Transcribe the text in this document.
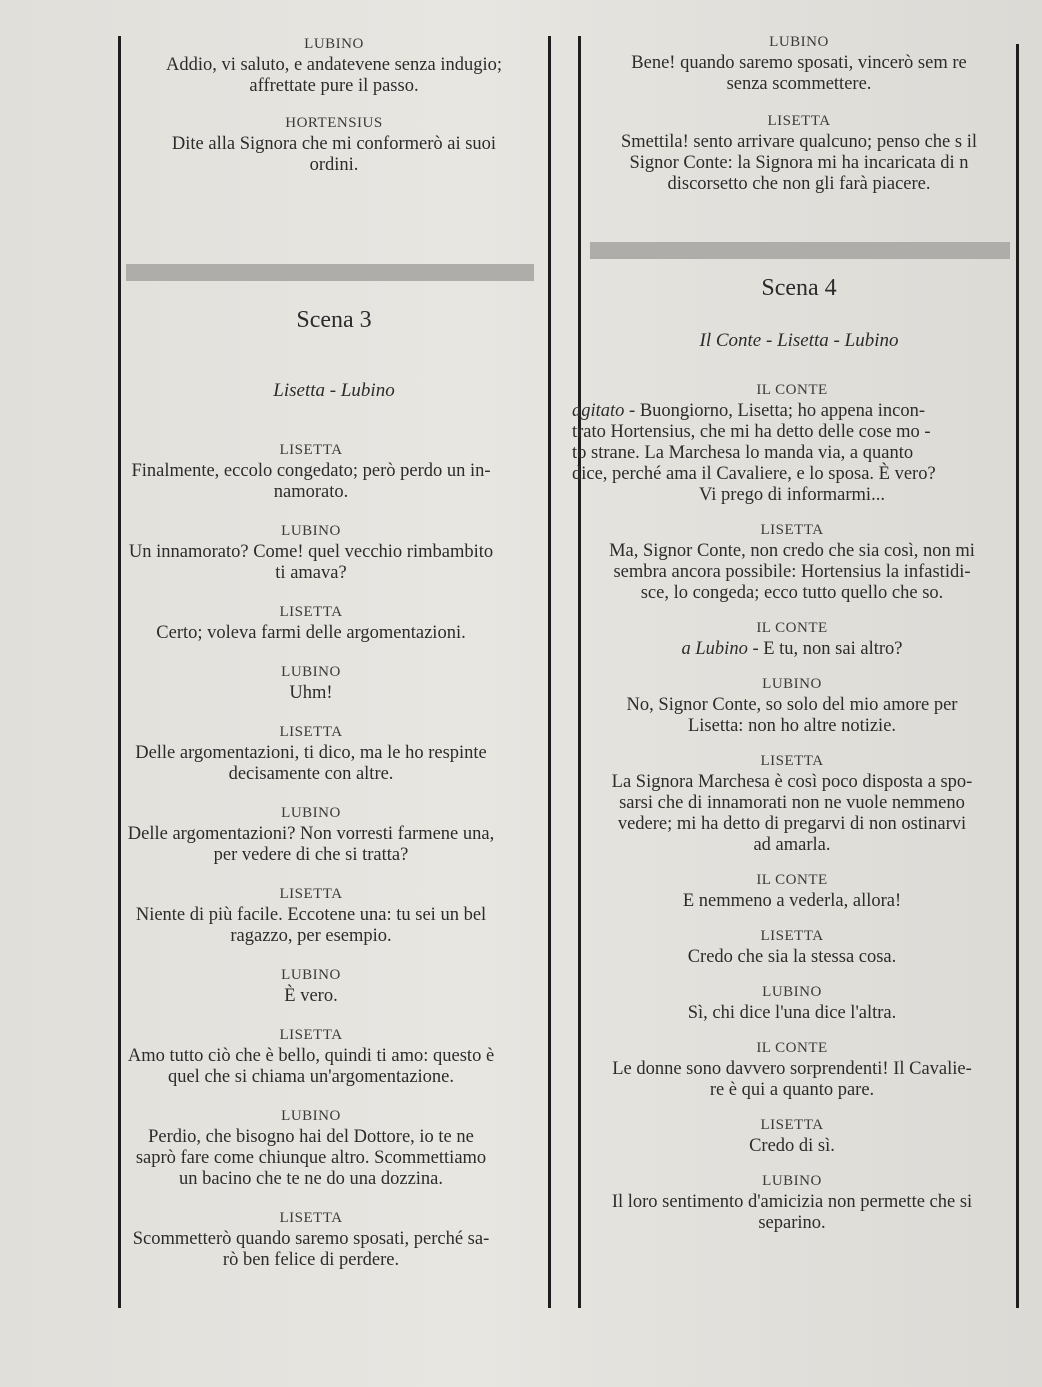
LUBINO
Addio, vi saluto, e andatevene senza indugio;
affrettate pure il passo.
HORTENSIUS
Dite alla Signora che mi conformerò ai suoi
ordini.
Scena 3
Lisetta - Lubino
LISETTA
Finalmente, eccolo congedato; però perdo un in-
namorato.
LUBINO
Un innamorato? Come! quel vecchio rimbambito
ti amava?
LISETTA
Certo; voleva farmi delle argomentazioni.
LUBINO
Uhm!
LISETTA
Delle argomentazioni, ti dico, ma le ho respinte
decisamente con altre.
LUBINO
Delle argomentazioni? Non vorresti farmene una,
per vedere di che si tratta?
LISETTA
Niente di più facile. Eccotene una: tu sei un bel
ragazzo, per esempio.
LUBINO
È vero.
LISETTA
Amo tutto ciò che è bello, quindi ti amo: questo è
quel che si chiama un'argomentazione.
LUBINO
Perdio, che bisogno hai del Dottore, io te ne
saprò fare come chiunque altro. Scommettiamo
un bacino che te ne do una dozzina.
LISETTA
Scommetterò quando saremo sposati, perché sa-
rò ben felice di perdere.
LUBINO
Bene! quando saremo sposati, vincerò sem re
senza scommettere.
LISETTA
Smettila! sento arrivare qualcuno; penso che s il
Signor Conte: la Signora mi ha incaricata di n
discorsetto che non gli farà piacere.
Scena 4
Il Conte - Lisetta - Lubino
IL CONTE
agitato - Buongiorno, Lisetta; ho appena incon-
trato Hortensius, che mi ha detto delle cose mo -
to strane. La Marchesa lo manda via, a quanto
dice, perché ama il Cavaliere, e lo sposa. È vero?
Vi prego di informarmi...
LISETTA
Ma, Signor Conte, non credo che sia così, non mi
sembra ancora possibile: Hortensius la infastidi-
sce, lo congeda; ecco tutto quello che so.
IL CONTE
a Lubino - E tu, non sai altro?
LUBINO
No, Signor Conte, so solo del mio amore per
Lisetta: non ho altre notizie.
LISETTA
La Signora Marchesa è così poco disposta a spo-
sarsi che di innamorati non ne vuole nemmeno
vedere; mi ha detto di pregarvi di non ostinarvi
ad amarla.
IL CONTE
E nemmeno a vederla, allora!
LISETTA
Credo che sia la stessa cosa.
LUBINO
Sì, chi dice l'una dice l'altra.
IL CONTE
Le donne sono davvero sorprendenti! Il Cavalie-
re è qui a quanto pare.
LISETTA
Credo di sì.
LUBINO
Il loro sentimento d'amicizia non permette che si
separino.
